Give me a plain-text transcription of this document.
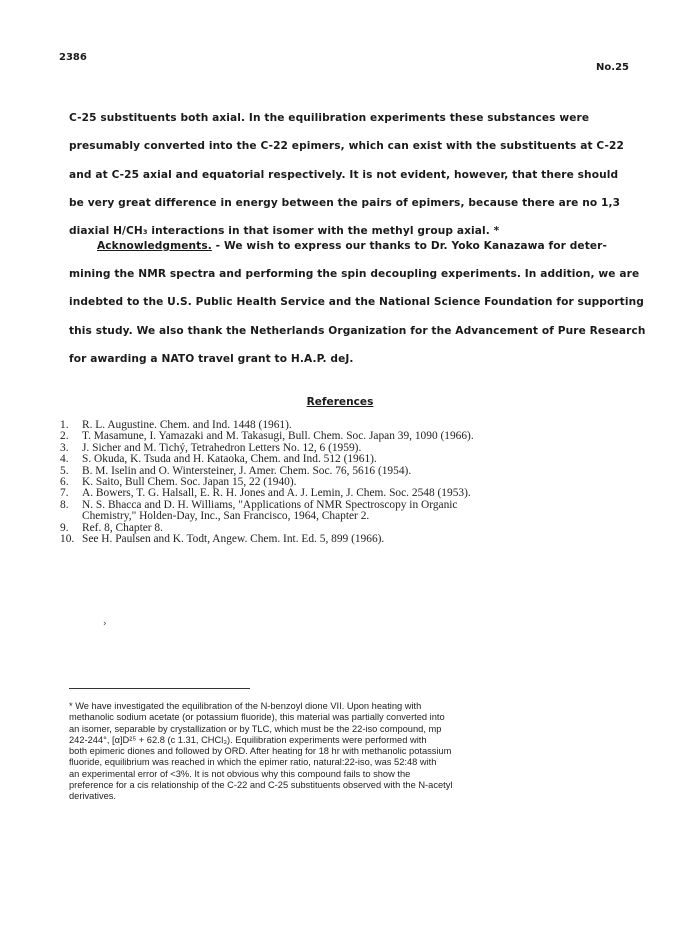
2386
No.25
C-25 substituents both axial. In the equilibration experiments these substances were
presumably converted into the C-22 epimers, which can exist with the substituents at C-22
and at C-25 axial and equatorial respectively. It is not evident, however, that there should
be very great difference in energy between the pairs of epimers, because there are no 1,3
diaxial H/CH₃ interactions in that isomer with the methyl group axial. *
Acknowledgments. - We wish to express our thanks to Dr. Yoko Kanazawa for deter-
mining the NMR spectra and performing the spin decoupling experiments. In addition, we are
indebted to the U.S. Public Health Service and the National Science Foundation for supporting
this study. We also thank the Netherlands Organization for the Advancement of Pure Research
for awarding a NATO travel grant to H.A.P. deJ.
References
1.	R. L. Augustine. Chem. and Ind. 1448 (1961).
2.	T. Masamune, I. Yamazaki and M. Takasugi, Bull. Chem. Soc. Japan 39, 1090 (1966).
3.	J. Sicher and M. Tichý, Tetrahedron Letters No. 12, 6 (1959).
4.	S. Okuda, K. Tsuda and H. Kataoka, Chem. and Ind. 512 (1961).
5.	B. M. Iselin and O. Wintersteiner, J. Amer. Chem. Soc. 76, 5616 (1954).
6.	K. Saito, Bull Chem. Soc. Japan 15, 22 (1940).
7.	A. Bowers, T. G. Halsall, E. R. H. Jones and A. J. Lemin, J. Chem. Soc. 2548 (1953).
8.	N. S. Bhacca and D. H. Williams, "Applications of NMR Spectroscopy in Organic
Chemistry," Holden-Day, Inc., San Francisco, 1964, Chapter 2.
9.	Ref. 8, Chapter 8.
10. See H. Paulsen and K. Todt, Angew. Chem. Int. Ed. 5, 899 (1966).
›
* We have investigated the equilibration of the N-benzoyl dione VII. Upon heating with
methanolic sodium acetate (or potassium fluoride), this material was partially converted into
an isomer, separable by crystallization or by TLC, which must be the 22-iso compound, mp
242-244°, [α]D²⁵ + 62.8 (c 1.31, CHCl₃). Equilibration experiments were performed with
both epimeric diones and followed by ORD. After heating for 18 hr with methanolic potassium
fluoride, equilibrium was reached in which the epimer ratio, natural:22-iso, was 52:48 with
an experimental error of <3%. It is not obvious why this compound fails to show the
preference for a cis relationship of the C-22 and C-25 substituents observed with the N-acetyl
derivatives.
